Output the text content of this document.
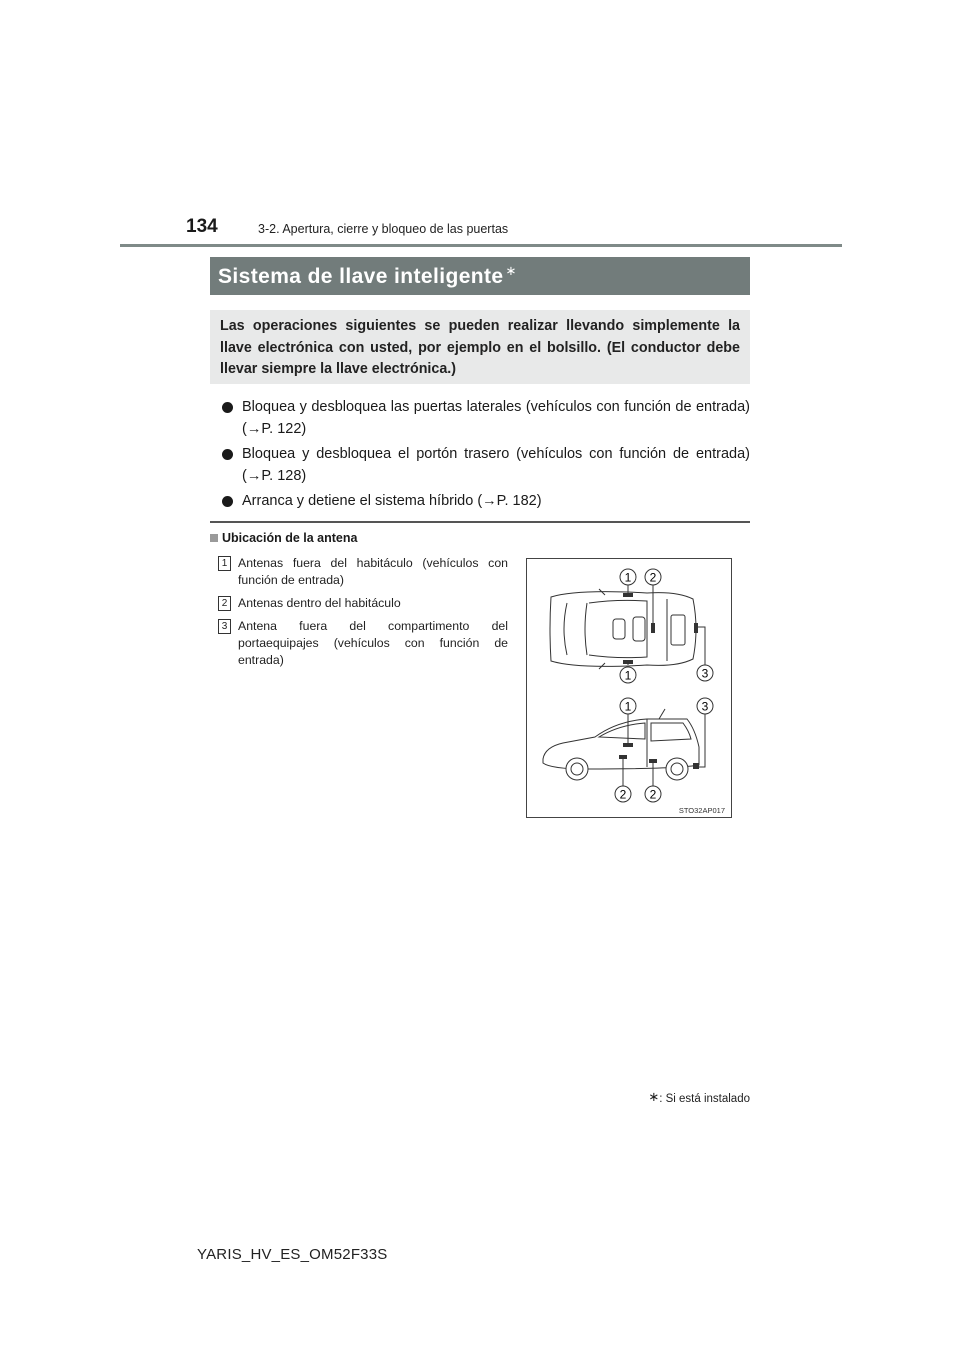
134	3-2. Apertura, cierre y bloqueo de las puertas
Sistema de llave inteligente ∗
Las operaciones siguientes se pueden realizar llevando simplemente la llave electrónica con usted, por ejemplo en el bolsillo. (El conductor debe llevar siempre la llave electrónica.)
Bloquea y desbloquea las puertas laterales (vehículos con función de entrada) (→P. 122)
Bloquea y desbloquea el portón trasero (vehículos con función de entrada) (→P. 128)
Arranca y detiene el sistema híbrido (→P. 182)
Ubicación de la antena
1 Antenas fuera del habitáculo (vehículos con función de entrada)
2 Antenas dentro del habitáculo
3 Antena fuera del compartimento del portaequipajes (vehículos con función de entrada)
1 2
1	3
1	3
2 2
STO32AP017
∗: Si está instalado
YARIS_HV_ES_OM52F33S
